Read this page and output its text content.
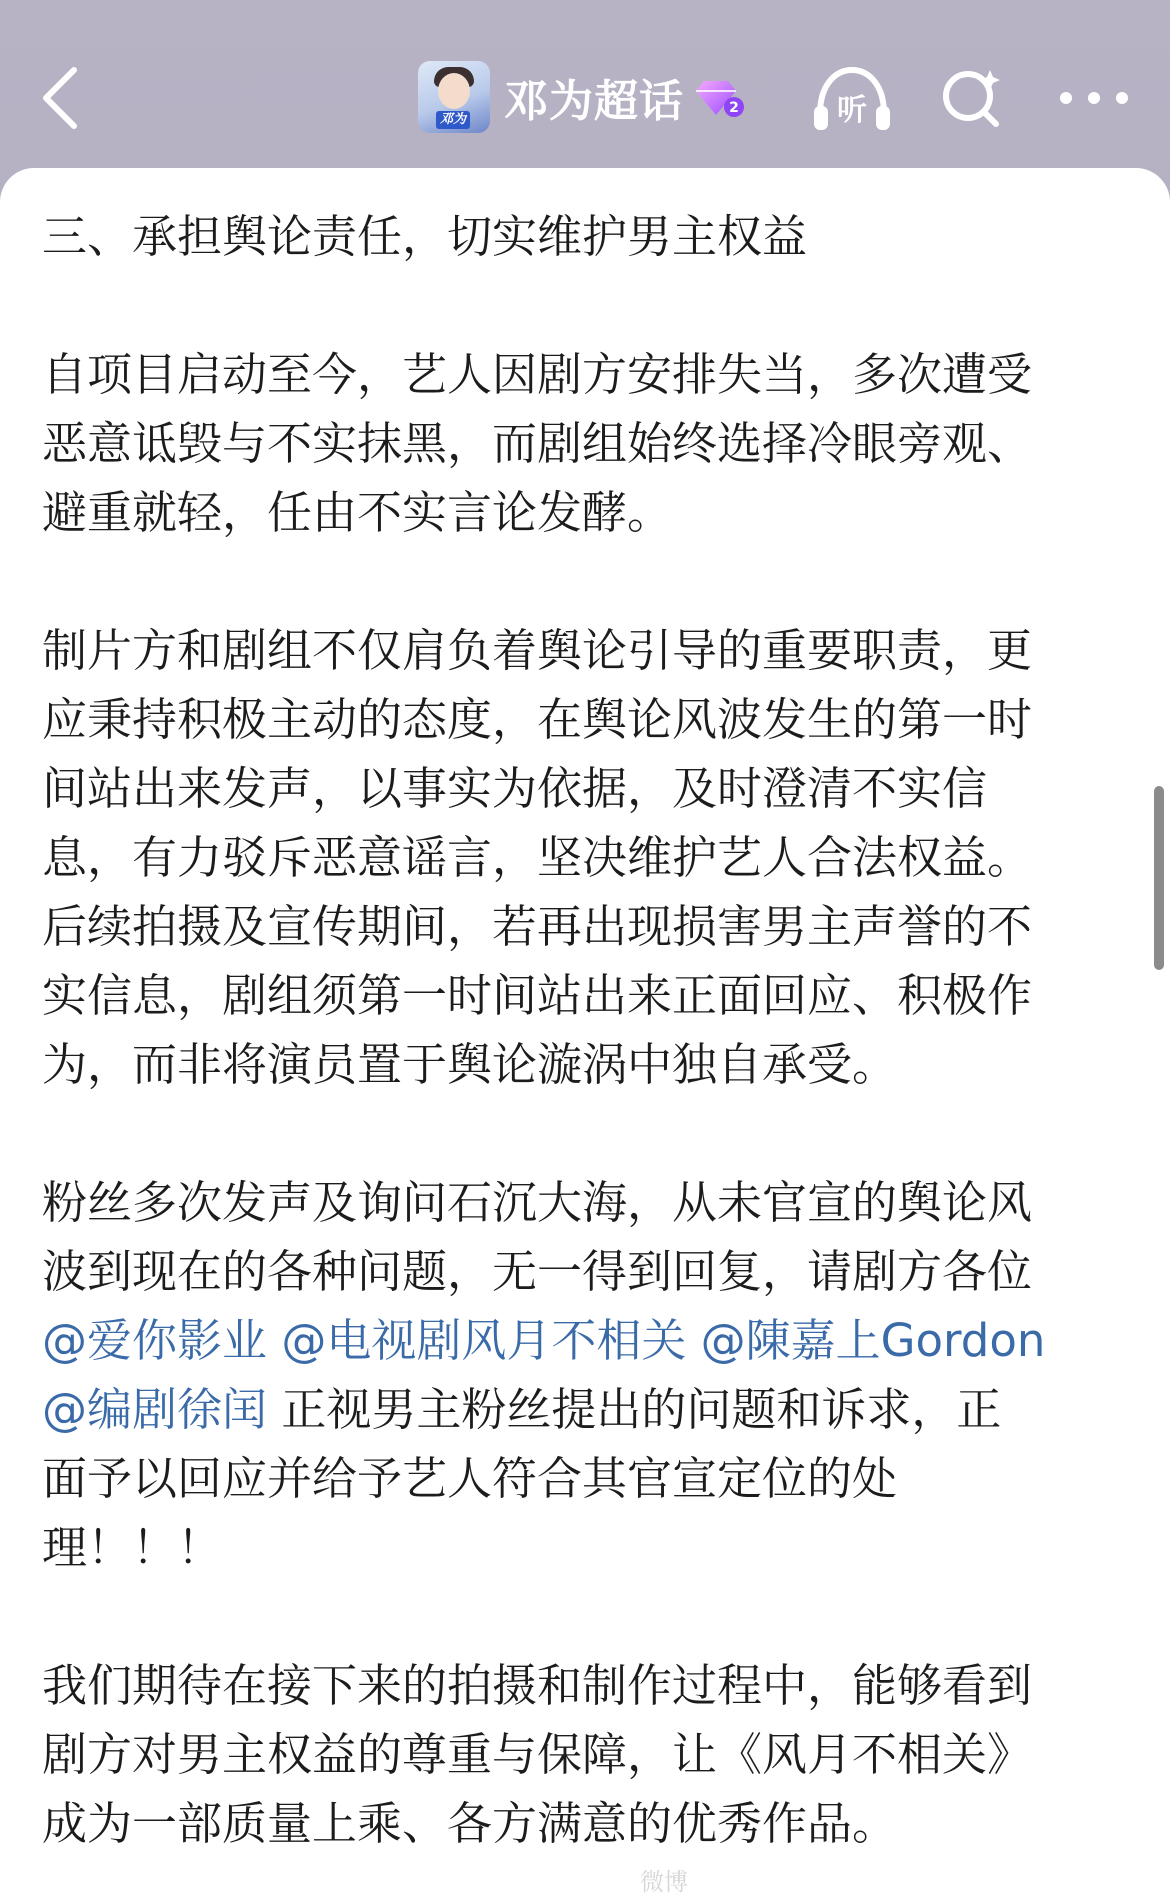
邓为 邓为超话	2	听

三、承担舆论责任，切实维护男主权益

自项目启动至今，艺人因剧方安排失当，多次遭受

恶意诋毁与不实抹黑，而剧组始终选择冷眼旁观、

避重就轻，任由不实言论发酵。

制片方和剧组不仅肩负着舆论引导的重要职责，更

应秉持积极主动的态度，在舆论风波发生的第一时

间站出来发声，以事实为依据，及时澄清不实信

息，有力驳斥恶意谣言，坚决维护艺人合法权益。

后续拍摄及宣传期间，若再出现损害男主声誉的不

实信息，剧组须第一时间站出来正面回应、积极作

为，而非将演员置于舆论漩涡中独自承受。

粉丝多次发声及询问石沉大海，从未官宣的舆论风

波到现在的各种问题，无一得到回复，请剧方各位

@爱你影业 @电视剧风月不相关 @陳嘉上Gordon

@编剧徐闰 正视男主粉丝提出的问题和诉求，正

面予以回应并给予艺人符合其官宣定位的处

理！！！

我们期待在接下来的拍摄和制作过程中，能够看到

剧方对男主权益的尊重与保障，让《风月不相关》

成为一部质量上乘、各方满意的优秀作品。

微博
